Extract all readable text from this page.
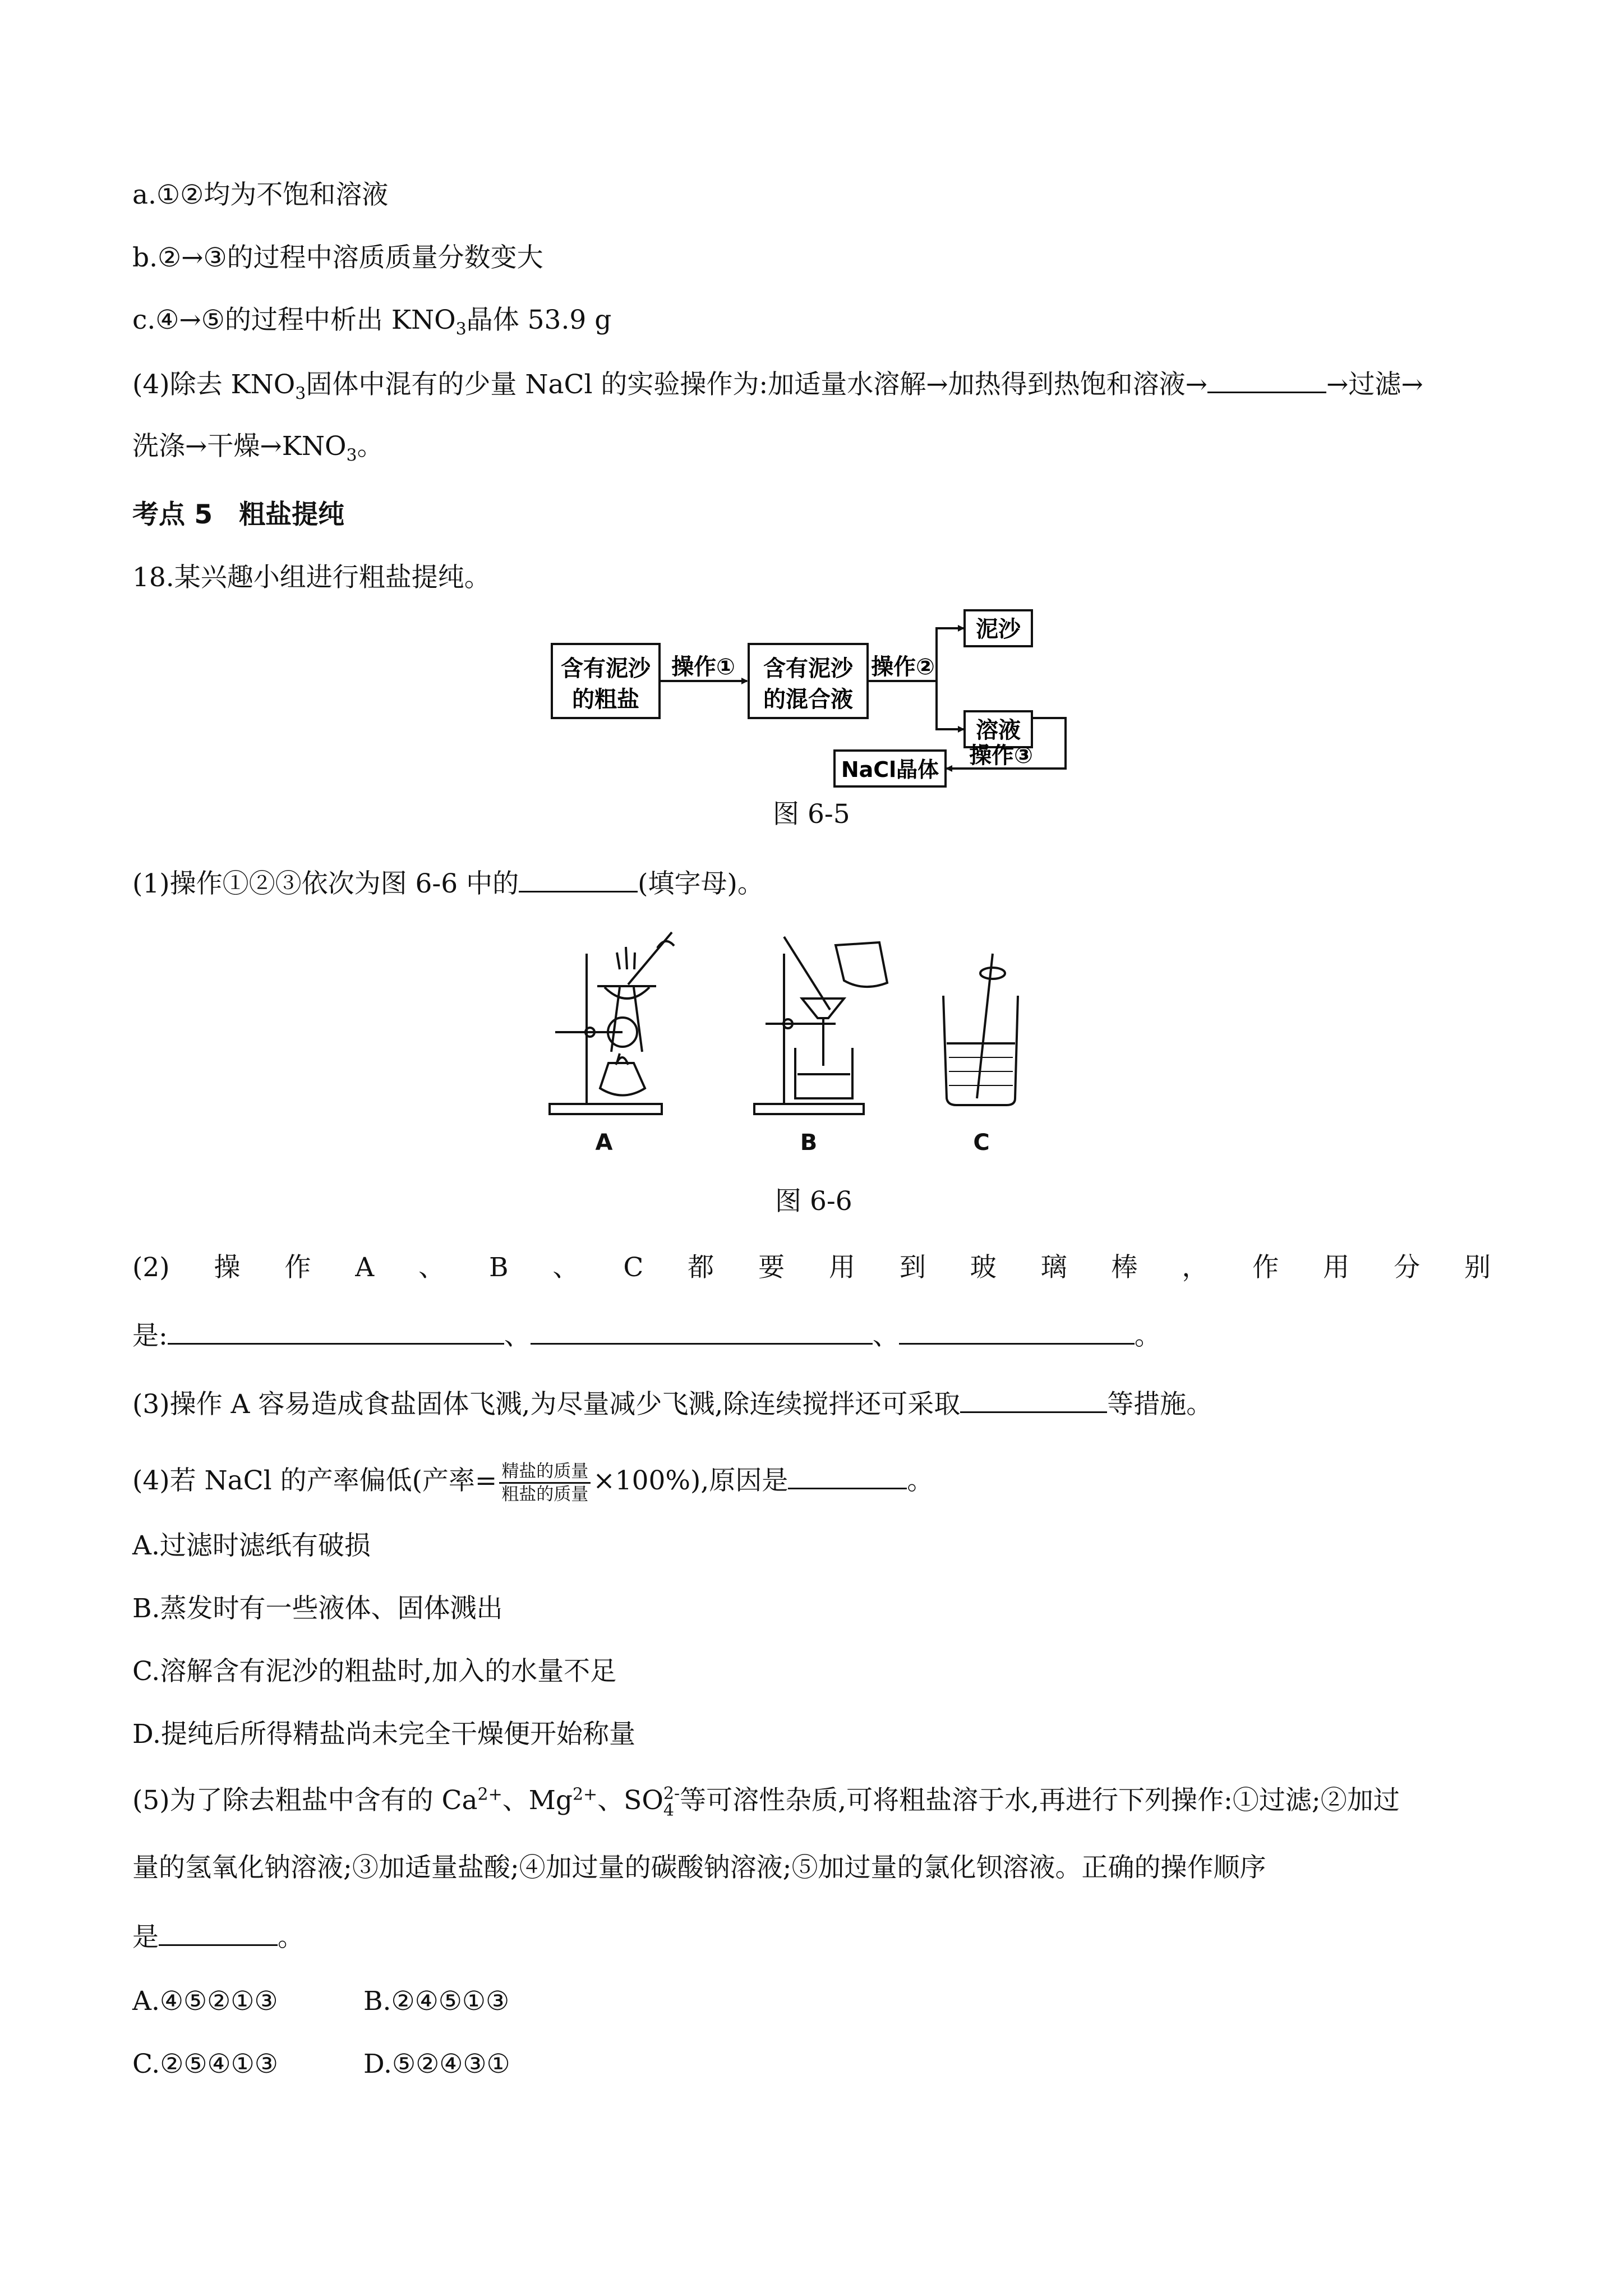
a.①②均为不饱和溶液
b.②→③的过程中溶质质量分数变大
c.④→⑤的过程中析出 $KNO_3$晶体 53.9 g
(4)除去 $KNO_3$固体中混有的少量 NaCl 的实验操作为:加适量水溶解→加热得到热饱和溶液→	→过滤→
洗涤→干燥$\to KNO_3$。
考点 5　粗盐提纯
18.某兴趣小组进行粗盐提纯。
含有泥沙
的粗盐
操作① 含有泥沙
的混合液
操作②
泥沙
溶液
操作③
NaCl晶体
图 6-5
(1)操作①②③依次为图 6-6 中的	(填字母)。
A	B	C
图 6-6
(2) 操 作 A 、 B 、 C 都 要 用 到 玻 璃 棒 ， 作 用 分 别
是:	、	、	。
(3)操作 A 容易造成食盐固体飞溅,为尽量减少飞溅,除连续搅拌还可采取	等措施。
(4)若 NaCl 的产率偏低(产率= $\frac{\text{精盐的质量}}{\text{粗盐的质量}} \times 100\%$),原因是	。
A.过滤时滤纸有破损
B.蒸发时有一些液体、固体溅出
C.溶解含有泥沙的粗盐时,加入的水量不足
D.提纯后所得精盐尚未完全干燥便开始称量
(5)为了除去粗盐中含有的 $Ca^{2+}$、$Mg^{2+}$、SO 2-
4 等可溶性杂质,可将粗盐溶于水,再进行下列操作:①过滤;②加过
量的氢氧化钠溶液;③加适量盐酸;④加过量的碳酸钠溶液;⑤加过量的氯化钡溶液。正确的操作顺序
是	。
A.④⑤②①③	B.②④⑤①③
C.②⑤④①③	D.⑤②④③①
